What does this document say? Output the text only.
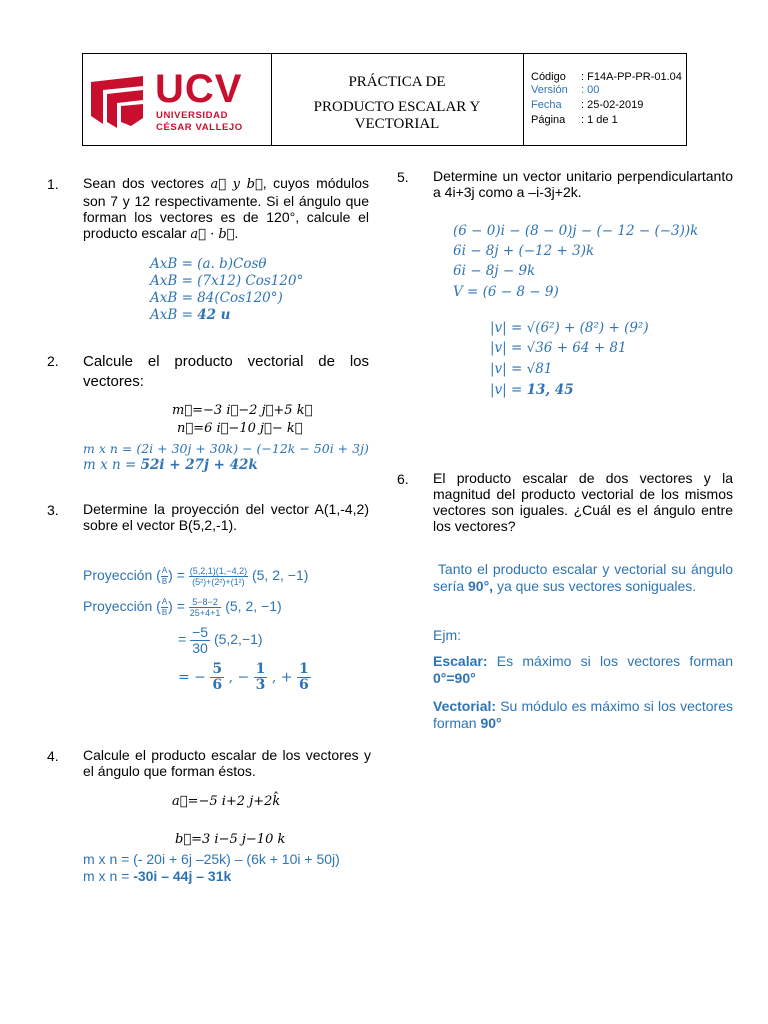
UCV
UNIVERSIDAD
CÉSAR VALLEJO
PRÁCTICA DE
PRODUCTO ESCALAR Y
VECTORIAL
Código : F14A-PP-PR-01.04
Versión : 00
Fecha : 25-02-2019
Página : 1 de 1
1. Sean dos vectores a⃗ y b⃗, cuyos módulos son 7 y 12 respectivamente. Si el ángulo que forman los vectores es de 120°, calcule el producto escalar a⃗ · b⃗.
AxB = (a. b)Cosθ
AxB = (7x12) Cos120°
AxB = 84(Cos120°)
AxB = 42 u
2. Calcule el producto vectorial de los vectores:
m⃗=−3 i⃗−2 j⃗+5 k⃗
n⃗=6 i⃗−10 j⃗− k⃗
m x n = (2i + 30j + 30k) − (−12k − 50i + 3j)
m x n = 52i + 27j + 42k
3. Determine la proyección del vector A(1,-4,2) sobre el vector B(5,2,-1).
Proyección ( $\frac{A}{B}$ ) = $\frac{(5,2,1)(1,-4,2)}{\text{(5²)+(2²)+(1²)}} (5$, 2, −1)
Proyección ( $\frac{A}{B}$ ) = $\frac{5-8-2}{25+4+1} (5$, 2, −1)
= $\frac{-5}{30} (5,2,-1)$
= − $\frac{5}{6}$ , − $\frac{1}{3}$ , + $\frac{1}{6}$
4. Calcule el producto escalar de los vectores y el ángulo que forman éstos.
a⃗=−5 i+2 j+2k̂
b⃗=3 i−5 j−10 k
m x n = (- 20i + 6j –25k) – (6k + 10i + 50j)
m x n = -30i – 44j – 31k
5. Determine un vector unitario perpendiculartanto a 4i+3j como a –i-3j+2k.
(6 − 0)i − (8 − 0)j − (− 12 − (−3))k
6i − 8j + (−12 + 3)k
6i − 8j − 9k
V = (6 − 8 − 9)
|v| = √(6²) + (8²) + (9²)
|v| = √36 + 64 + 81
|v| = √81
|v| = 13, 45
6. El producto escalar de dos vectores y la magnitud del producto vectorial de los mismos vectores son iguales. ¿Cuál es el ángulo entre los vectores?
Tanto el producto escalar y vectorial su ángulo sería 90°, ya que sus vectores soniguales.
Ejm:
Escalar: Es máximo si los vectores forman 0°=90°
Vectorial: Su módulo es máximo si los vectores forman 90°
